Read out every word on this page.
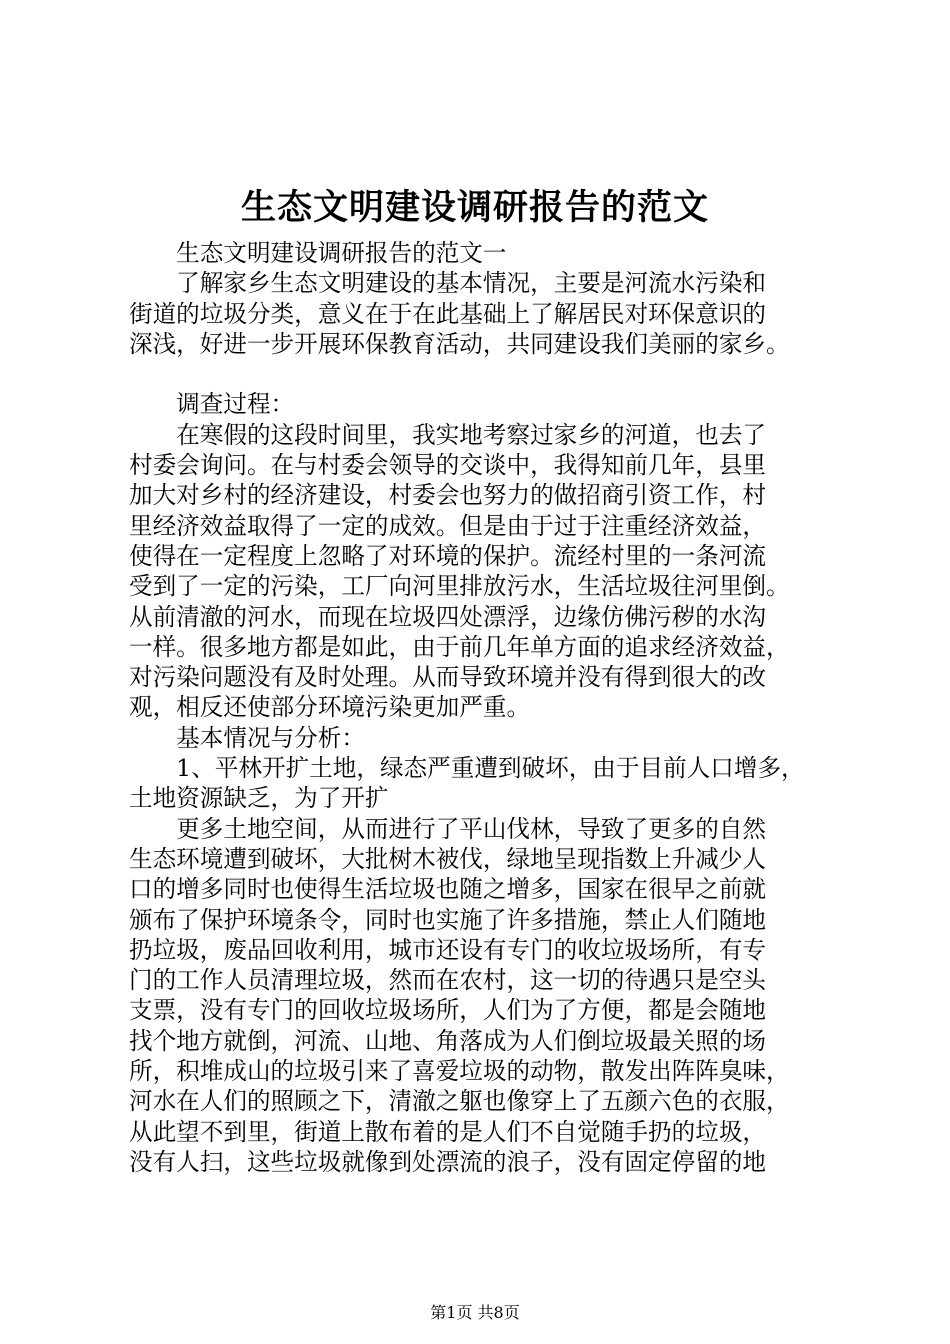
生态文明建设调研报告的范文

　　生态文明建设调研报告的范文一

　　了解家乡生态文明建设的基本情况，主要是河流水污染和

街道的垃圾分类，意义在于在此基础上了解居民对环保意识的

深浅，好进一步开展环保教育活动，共同建设我们美丽的家乡。

　　调查过程：

　　在寒假的这段时间里，我实地考察过家乡的河道，也去了

村委会询问。在与村委会领导的交谈中，我得知前几年，县里

加大对乡村的经济建设，村委会也努力的做招商引资工作，村

里经济效益取得了一定的成效。但是由于过于注重经济效益，

使得在一定程度上忽略了对环境的保护。流经村里的一条河流

受到了一定的污染，工厂向河里排放污水，生活垃圾往河里倒。

从前清澈的河水，而现在垃圾四处漂浮，边缘仿佛污秽的水沟

一样。很多地方都是如此，由于前几年单方面的追求经济效益，

对污染问题没有及时处理。从而导致环境并没有得到很大的改

观，相反还使部分环境污染更加严重。

　　基本情况与分析：

　　1、平林开扩土地，绿态严重遭到破坏，由于目前人口增多，

土地资源缺乏，为了开扩

　　更多土地空间，从而进行了平山伐林，导致了更多的自然

生态环境遭到破坏，大批树木被伐，绿地呈现指数上升减少人

口的增多同时也使得生活垃圾也随之增多，国家在很早之前就

颁布了保护环境条令，同时也实施了许多措施，禁止人们随地

扔垃圾，废品回收利用，城市还设有专门的收垃圾场所，有专

门的工作人员清理垃圾，然而在农村，这一切的待遇只是空头

支票，没有专门的回收垃圾场所，人们为了方便，都是会随地

找个地方就倒，河流、山地、角落成为人们倒垃圾最关照的场

所，积堆成山的垃圾引来了喜爱垃圾的动物，散发出阵阵臭味，

河水在人们的照顾之下，清澈之躯也像穿上了五颜六色的衣服，

从此望不到里，街道上散布着的是人们不自觉随手扔的垃圾，

没有人扫，这些垃圾就像到处漂流的浪子，没有固定停留的地

第1页 共8页
